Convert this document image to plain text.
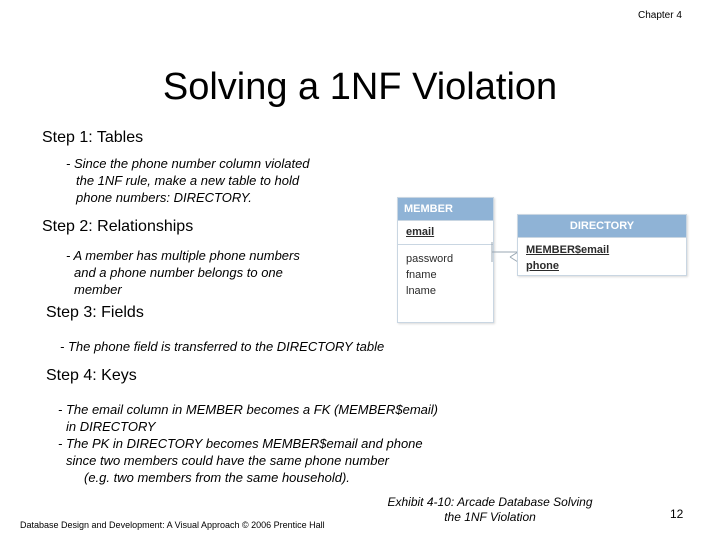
Chapter 4
Solving a 1NF Violation
Step 1: Tables
- Since the phone number column violated
the 1NF rule, make a new table to hold
phone numbers: DIRECTORY.
Step 2: Relationships
- A member has multiple phone numbers
and a phone number belongs to one
member
Step 3: Fields
- The phone field is transferred to the DIRECTORY table
Step 4: Keys
- The email column in MEMBER becomes a FK (MEMBER$email)
in DIRECTORY
- The PK in DIRECTORY becomes MEMBER$email and phone
since two members could have the same phone number
(e.g. two members from the same household).
MEMBER
email
password
fname
lname
DIRECTORY
MEMBER$email
phone
Database Design and Development: A Visual Approach © 2006 Prentice Hall
Exhibit 4-10: Arcade Database Solving the 1NF Violation	12
